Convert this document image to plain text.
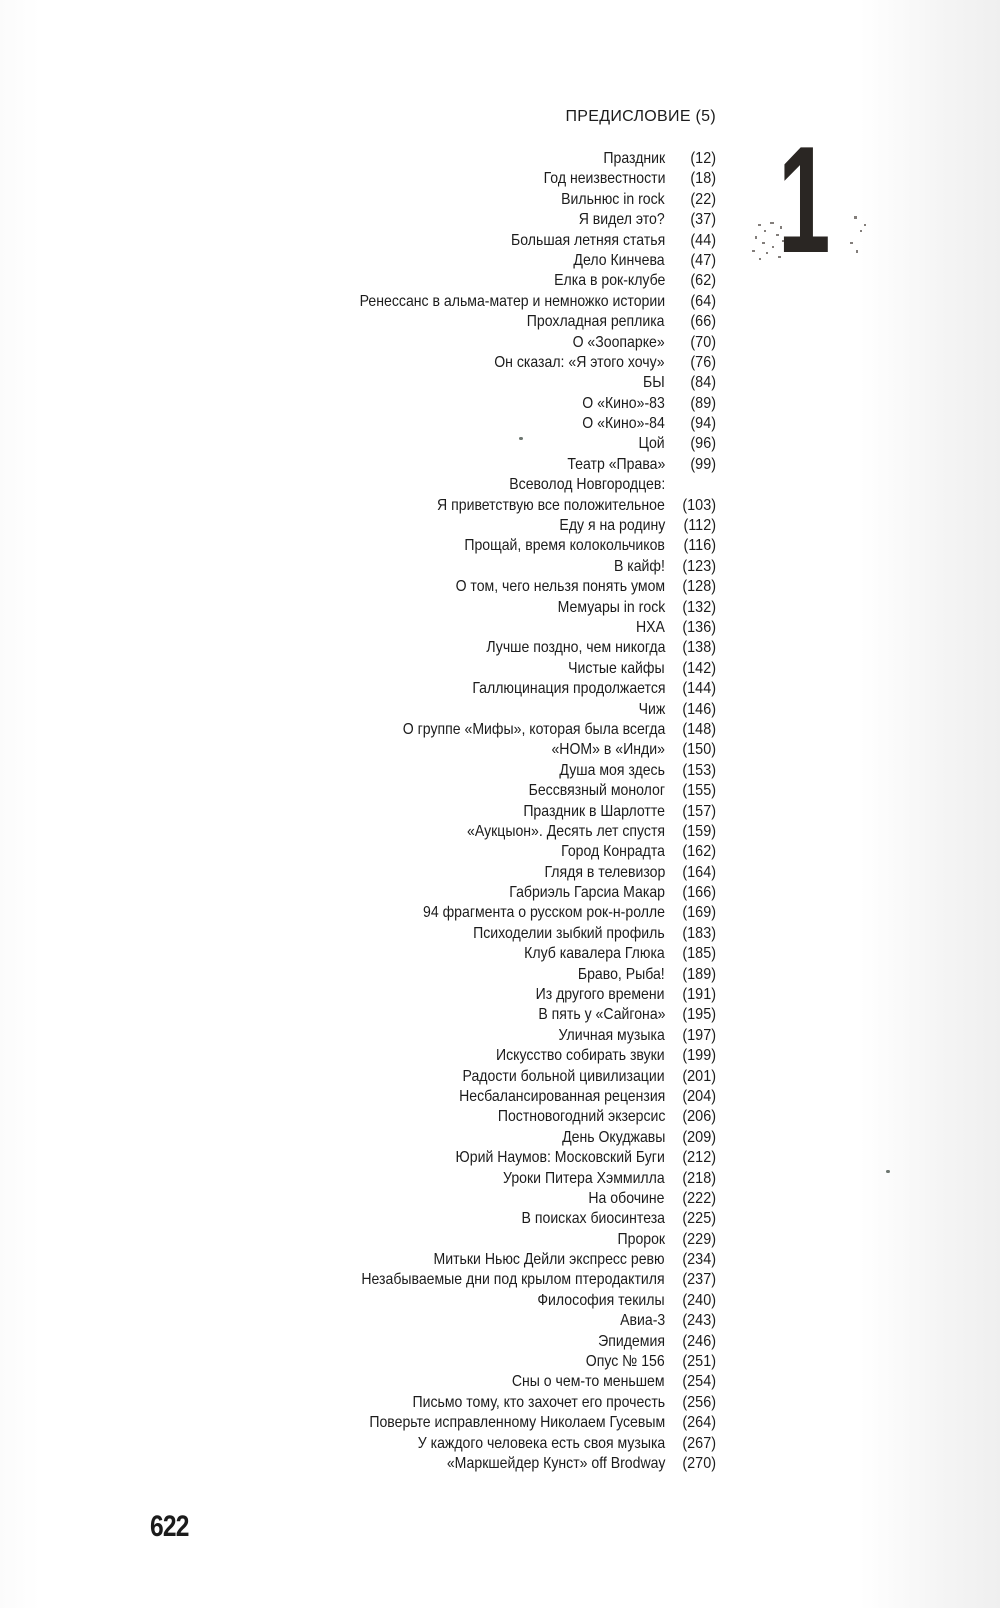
ПРЕДИСЛОВИЕ (5)
Праздник	(12)
Год неизвестности	(18)
Вильнюс in rock	(22)
Я видел это?	(37)
Большая летняя статья	(44)
Дело Кинчева	(47)
Елка в рок-клубе	(62)
Ренессанс в альма-матер и немножко истории	(64)
Прохладная реплика	(66)
О «Зоопарке»	(70)
Он сказал: «Я этого хочу»	(76)
БЫ	(84)
О «Кино»-83	(89)
О «Кино»-84	(94)
Цой	(96)
Театр «Права»	(99)
Всеволод Новгородцев:
Я приветствую все положительное	(103)
Еду я на родину	(112)
Прощай, время колокольчиков	(116)
В кайф!	(123)
О том, чего нельзя понять умом	(128)
Мемуары in rock	(132)
НХА	(136)
Лучше поздно, чем никогда	(138)
Чистые кайфы	(142)
Галлюцинация продолжается	(144)
Чиж	(146)
О группе «Мифы», которая была всегда	(148)
«НОМ» в «Инди»	(150)
Душа моя здесь	(153)
Бессвязный монолог	(155)
Праздник в Шарлотте	(157)
«Аукцыон». Десять лет спустя	(159)
Город Конрадта	(162)
Глядя в телевизор	(164)
Габриэль Гарсиа Макар	(166)
94 фрагмента о русском рок-н-ролле	(169)
Психоделии зыбкий профиль	(183)
Клуб кавалера Глюка	(185)
Браво, Рыба!	(189)
Из другого времени	(191)
В пять у «Сайгона»	(195)
Уличная музыка	(197)
Искусство собирать звуки	(199)
Радости больной цивилизации	(201)
Несбалансированная рецензия	(204)
Постновогодний экзерсис	(206)
День Окуджавы	(209)
Юрий Наумов: Московский Буги	(212)
Уроки Питера Хэммилла	(218)
На обочине	(222)
В поисках биосинтеза	(225)
Пророк	(229)
Митьки Ньюс Дейли экспресс ревю	(234)
Незабываемые дни под крылом птеродактиля	(237)
Философия текилы	(240)
Авиа-3	(243)
Эпидемия	(246)
Опус № 156	(251)
Сны о чем-то меньшем	(254)
Письмо тому, кто захочет его прочесть	(256)
Поверьте исправленному Николаем Гусевым	(264)
У каждого человека есть своя музыка	(267)
«Маркшейдер Кунст» off Brodway	(270)
1
622
